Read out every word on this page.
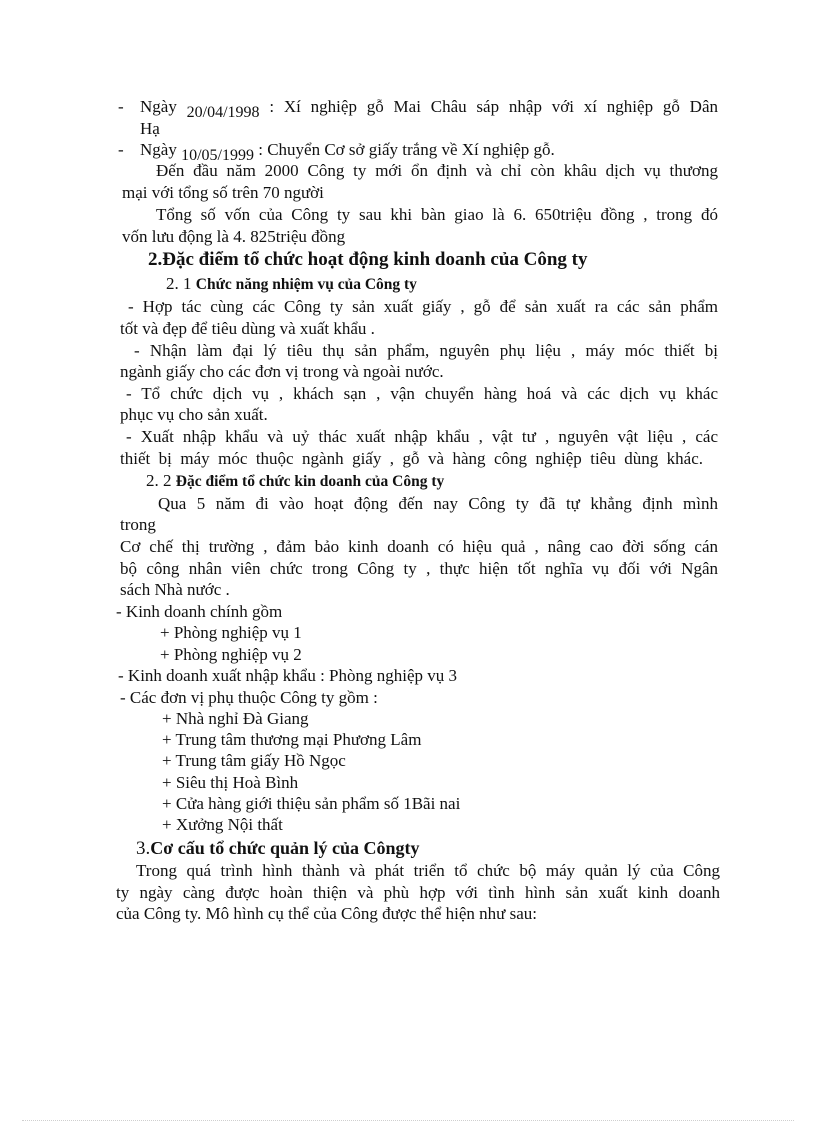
- Ngày 20/04/1998 : Xí nghiệp gỗ Mai Châu sáp nhập với xí nghiệp gỗ Dân
Hạ
- Ngày 10/05/1999 : Chuyển Cơ sở giấy trắng về Xí nghiệp gỗ.
Đến đầu năm 2000 Công ty mới ổn định và chỉ còn khâu dịch vụ thương
mại với tổng số trên 70 người
Tổng số vốn của Công ty sau khi bàn giao là 6. 650triệu đồng , trong đó
vốn lưu động là 4. 825triệu đồng
2.Đặc điểm tổ chức hoạt động kinh doanh của Công ty
2. 1 Chức năng nhiệm vụ của Công ty
- Hợp tác cùng các Công ty sản xuất giấy , gỗ để sản xuất ra các sản phẩm
tốt và đẹp để tiêu dùng và xuất khẩu .
- Nhận làm đại lý tiêu thụ sản phẩm, nguyên phụ liệu , máy móc thiết bị
ngành giấy cho các đơn vị trong và ngoài nước.
- Tổ chức dịch vụ , khách sạn , vận chuyển hàng hoá và các dịch vụ khác
phục vụ cho sản xuất.
- Xuất nhập khẩu và uỷ thác xuất nhập khẩu , vật tư , nguyên vật liệu , các
thiết bị máy móc thuộc ngành giấy , gỗ và hàng công nghiệp tiêu dùng khác.
2. 2 Đặc điểm tổ chức kin doanh của Công ty
Qua 5 năm đi vào hoạt động đến nay Công ty đã tự khẳng định mình
trong
Cơ chế thị trường , đảm bảo kinh doanh có hiệu quả , nâng cao đời sống cán
bộ công nhân viên chức trong Công ty , thực hiện tốt nghĩa vụ đối với Ngân
sách Nhà nước .
- Kinh doanh chính gồm
+ Phòng nghiệp vụ 1
+ Phòng nghiệp vụ 2
- Kinh doanh xuất nhập khẩu : Phòng nghiệp vụ 3
- Các đơn vị phụ thuộc Công ty gồm :
+ Nhà nghỉ Đà Giang
+ Trung tâm thương mại Phương Lâm
+ Trung tâm giấy Hồ Ngọc
+ Siêu thị Hoà Bình
+ Cửa hàng giới thiệu sản phẩm số 1Bãi nai
+ Xưởng Nội thất
3.Cơ cấu tổ chức quản lý của Côngty
Trong quá trình hình thành và phát triển tổ chức bộ máy quản lý của Công
ty ngày càng được hoàn thiện và phù hợp với tình hình sản xuất kinh doanh
của Công ty. Mô hình cụ thể của Công được thể hiện như sau:
